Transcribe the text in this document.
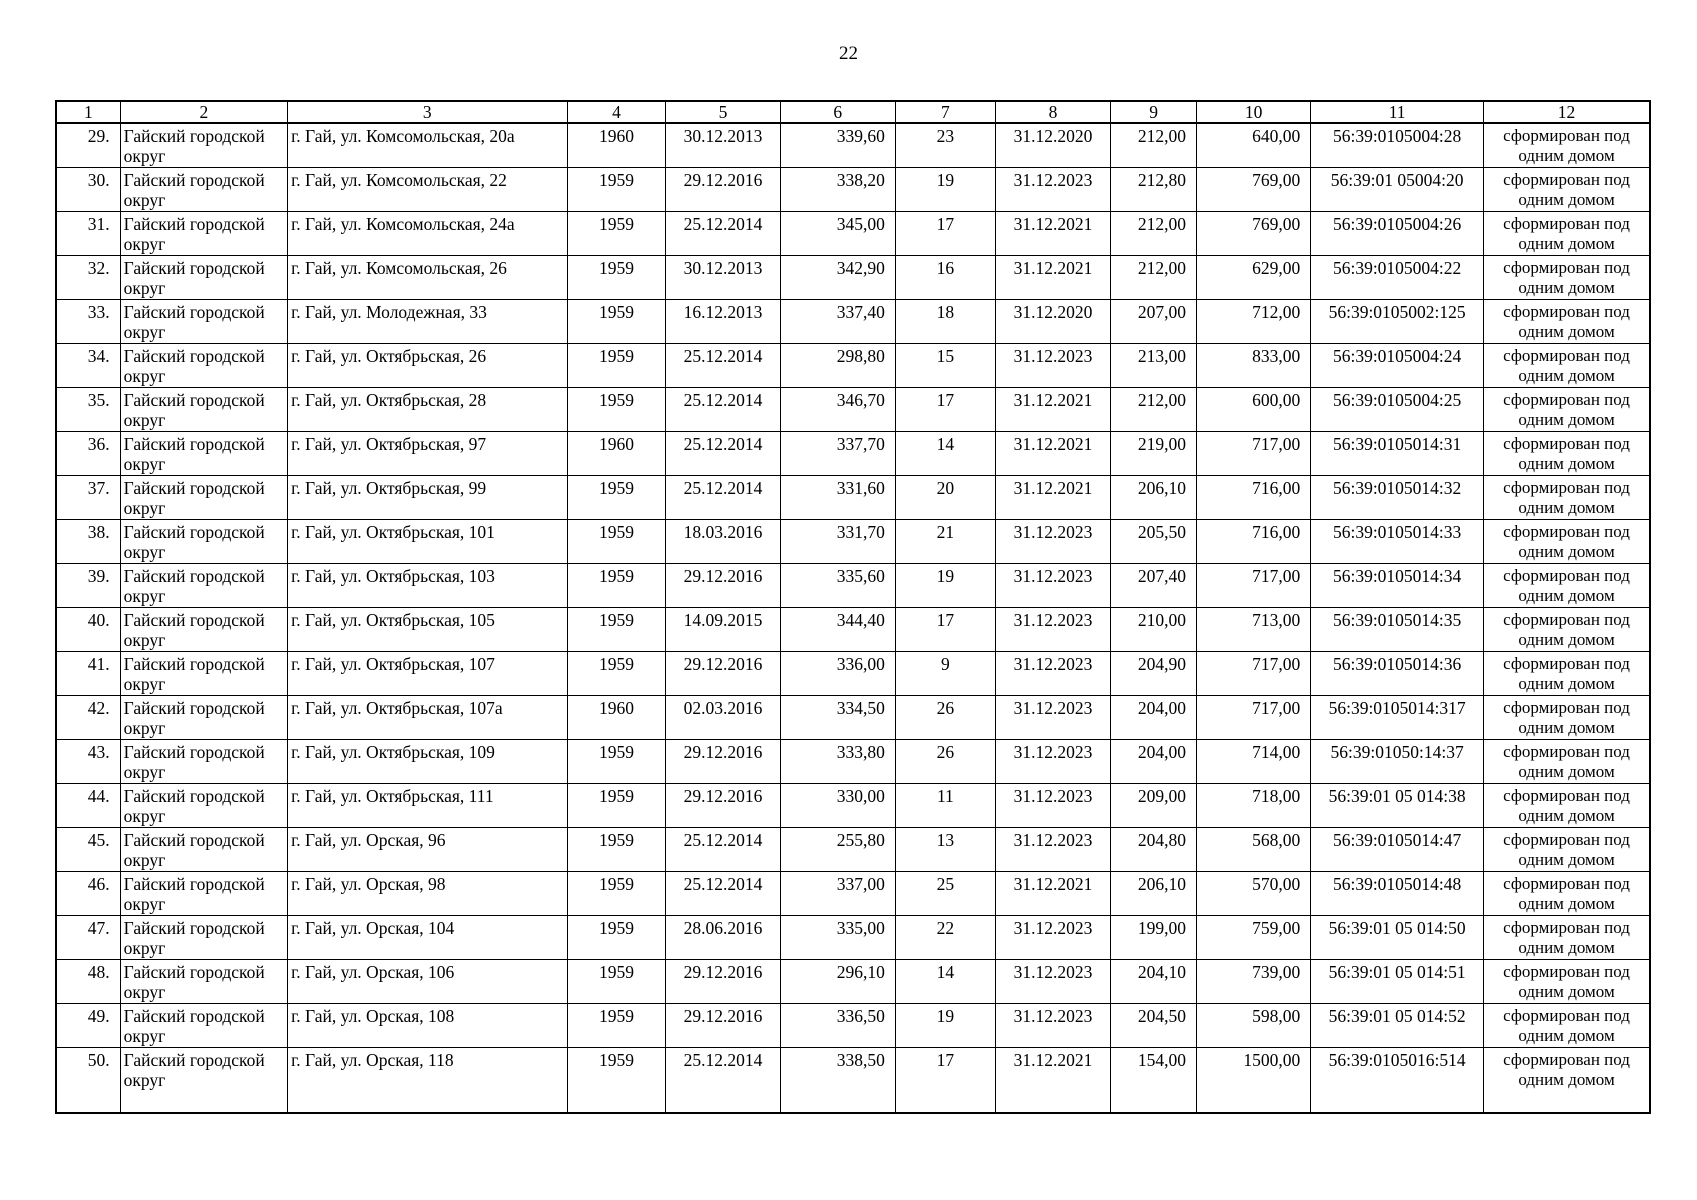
22
1	2	3	4	5	6	7	8	9	10	11	12
29.	Гайский городской округ	г. Гай, ул. Комсомольская, 20а	1960	30.12.2013	339,60	23	31.12.2020	212,00	640,00	56:39:0105004:28	сформирован под одним домом
30.	Гайский городской округ	г. Гай, ул. Комсомольская, 22	1959	29.12.2016	338,20	19	31.12.2023	212,80	769,00	56:39:01 05004:20	сформирован под одним домом
31.	Гайский городской округ	г. Гай, ул. Комсомольская, 24а	1959	25.12.2014	345,00	17	31.12.2021	212,00	769,00	56:39:0105004:26	сформирован под одним домом
32.	Гайский городской округ	г. Гай, ул. Комсомольская, 26	1959	30.12.2013	342,90	16	31.12.2021	212,00	629,00	56:39:0105004:22	сформирован под одним домом
33.	Гайский городской округ	г. Гай, ул. Молодежная, 33	1959	16.12.2013	337,40	18	31.12.2020	207,00	712,00	56:39:0105002:125	сформирован под одним домом
34.	Гайский городской округ	г. Гай, ул. Октябрьская, 26	1959	25.12.2014	298,80	15	31.12.2023	213,00	833,00	56:39:0105004:24	сформирован под одним домом
35.	Гайский городской округ	г. Гай, ул. Октябрьская, 28	1959	25.12.2014	346,70	17	31.12.2021	212,00	600,00	56:39:0105004:25	сформирован под одним домом
36.	Гайский городской округ	г. Гай, ул. Октябрьская, 97	1960	25.12.2014	337,70	14	31.12.2021	219,00	717,00	56:39:0105014:31	сформирован под одним домом
37.	Гайский городской округ	г. Гай, ул. Октябрьская, 99	1959	25.12.2014	331,60	20	31.12.2021	206,10	716,00	56:39:0105014:32	сформирован под одним домом
38.	Гайский городской округ	г. Гай, ул. Октябрьская, 101	1959	18.03.2016	331,70	21	31.12.2023	205,50	716,00	56:39:0105014:33	сформирован под одним домом
39.	Гайский городской округ	г. Гай, ул. Октябрьская, 103	1959	29.12.2016	335,60	19	31.12.2023	207,40	717,00	56:39:0105014:34	сформирован под одним домом
40.	Гайский городской округ	г. Гай, ул. Октябрьская, 105	1959	14.09.2015	344,40	17	31.12.2023	210,00	713,00	56:39:0105014:35	сформирован под одним домом
41.	Гайский городской округ	г. Гай, ул. Октябрьская, 107	1959	29.12.2016	336,00	9	31.12.2023	204,90	717,00	56:39:0105014:36	сформирован под одним домом
42.	Гайский городской округ	г. Гай, ул. Октябрьская, 107а	1960	02.03.2016	334,50	26	31.12.2023	204,00	717,00	56:39:0105014:317	сформирован под одним домом
43.	Гайский городской округ	г. Гай, ул. Октябрьская, 109	1959	29.12.2016	333,80	26	31.12.2023	204,00	714,00	56:39:01050:14:37	сформирован под одним домом
44.	Гайский городской округ	г. Гай, ул. Октябрьская, 111	1959	29.12.2016	330,00	11	31.12.2023	209,00	718,00	56:39:01 05 014:38	сформирован под одним домом
45.	Гайский городской округ	г. Гай, ул. Орская, 96	1959	25.12.2014	255,80	13	31.12.2023	204,80	568,00	56:39:0105014:47	сформирован под одним домом
46.	Гайский городской округ	г. Гай, ул. Орская, 98	1959	25.12.2014	337,00	25	31.12.2021	206,10	570,00	56:39:0105014:48	сформирован под одним домом
47.	Гайский городской округ	г. Гай, ул. Орская, 104	1959	28.06.2016	335,00	22	31.12.2023	199,00	759,00	56:39:01 05 014:50	сформирован под одним домом
48.	Гайский городской округ	г. Гай, ул. Орская, 106	1959	29.12.2016	296,10	14	31.12.2023	204,10	739,00	56:39:01 05 014:51	сформирован под одним домом
49.	Гайский городской округ	г. Гай, ул. Орская, 108	1959	29.12.2016	336,50	19	31.12.2023	204,50	598,00	56:39:01 05 014:52	сформирован под одним домом
50.	Гайский городской округ	г. Гай, ул. Орская, 118	1959	25.12.2014	338,50	17	31.12.2021	154,00	1500,00	56:39:0105016:514	сформирован под одним домом
